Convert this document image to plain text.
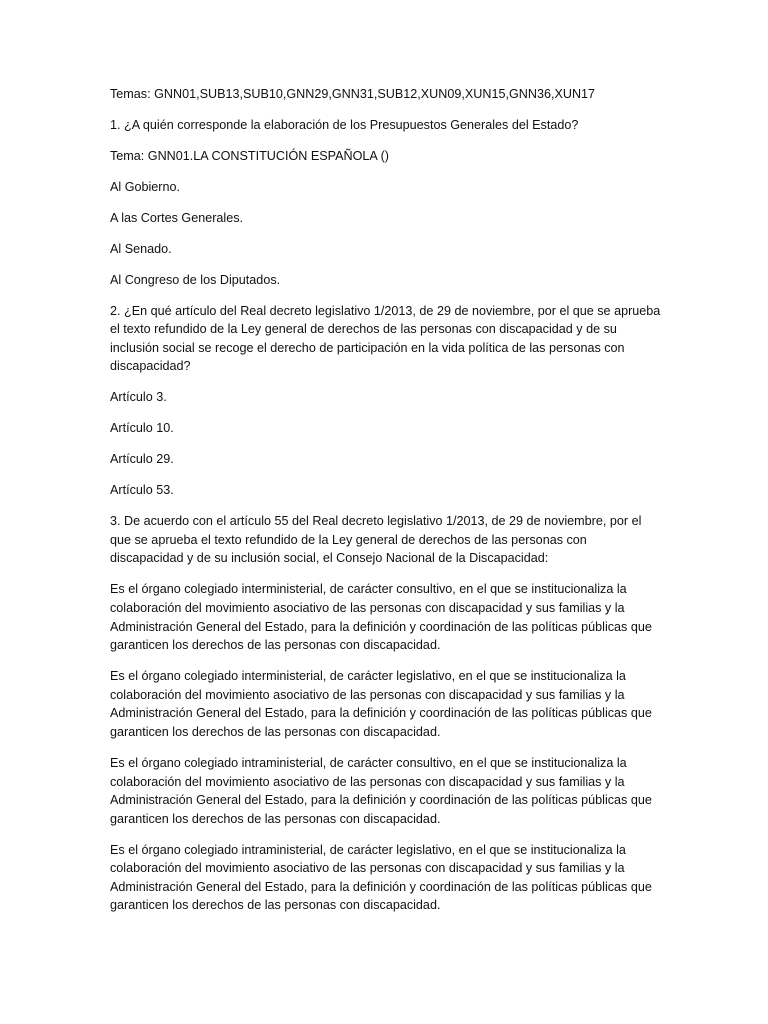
Temas: GNN01,SUB13,SUB10,GNN29,GNN31,SUB12,XUN09,XUN15,GNN36,XUN17

1. ¿A quién corresponde la elaboración de los Presupuestos Generales del Estado?

Tema: GNN01.LA CONSTITUCIÓN ESPAÑOLA ()

Al Gobierno.

A las Cortes Generales.

Al Senado.

Al Congreso de los Diputados.

2. ¿En qué artículo del Real decreto legislativo 1/2013, de 29 de noviembre, por el que se aprueba el texto refundido de la Ley general de derechos de las personas con discapacidad y de su inclusión social se recoge el derecho de participación en la vida política de las personas con discapacidad?

Artículo 3.

Artículo 10.

Artículo 29.

Artículo 53.

3. De acuerdo con el artículo 55 del Real decreto legislativo 1/2013, de 29 de noviembre, por el que se aprueba el texto refundido de la Ley general de derechos de las personas con discapacidad y de su inclusión social, el Consejo Nacional de la Discapacidad:

Es el órgano colegiado interministerial, de carácter consultivo, en el que se institucionaliza la colaboración del movimiento asociativo de las personas con discapacidad y sus familias y la Administración General del Estado, para la definición y coordinación de las políticas públicas que garanticen los derechos de las personas con discapacidad.

Es el órgano colegiado interministerial, de carácter legislativo, en el que se institucionaliza la colaboración del movimiento asociativo de las personas con discapacidad y sus familias y la Administración General del Estado, para la definición y coordinación de las políticas públicas que garanticen los derechos de las personas con discapacidad.

Es el órgano colegiado intraministerial, de carácter consultivo, en el que se institucionaliza la colaboración del movimiento asociativo de las personas con discapacidad y sus familias y la Administración General del Estado, para la definición y coordinación de las políticas públicas que garanticen los derechos de las personas con discapacidad.

Es el órgano colegiado intraministerial, de carácter legislativo, en el que se institucionaliza la colaboración del movimiento asociativo de las personas con discapacidad y sus familias y la Administración General del Estado, para la definición y coordinación de las políticas públicas que garanticen los derechos de las personas con discapacidad.
